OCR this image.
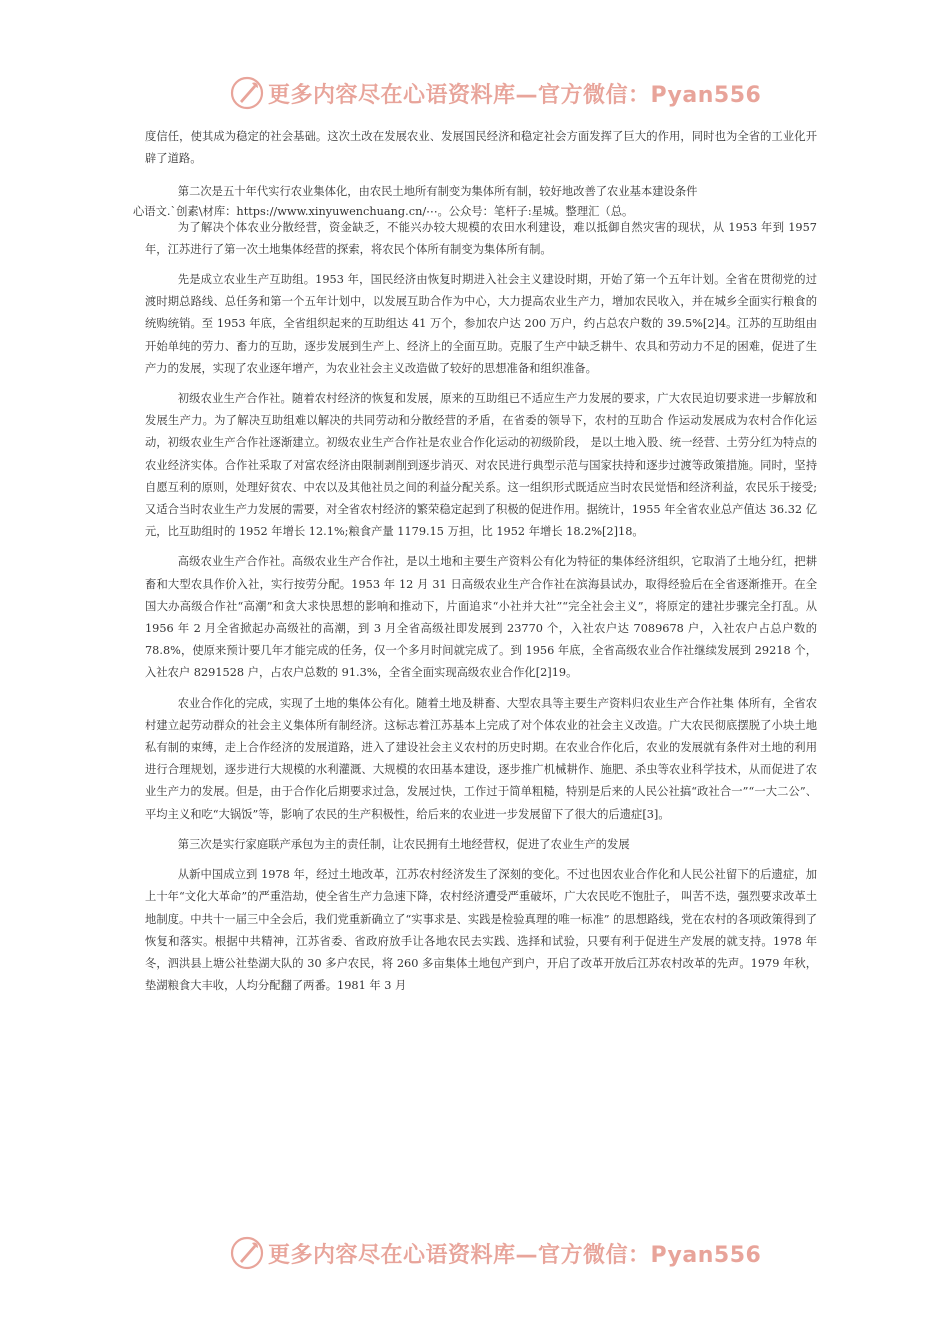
更多内容尽在心语资料库—官方微信：Pyan556

度信任，使其成为稳定的社会基础。这次土改在发展农业、发展国民经济和稳定社会方面发挥了巨大的作用，同时也为全省的工业化开辟了道路。

第二次是五十年代实行农业集体化，由农民土地所有制变为集体所有制，较好地改善了农业基本建设条件

心语文.`创素\材库：https://www.xinyuwenchuang.cn/⋯。公众号：笔杆子:星城。整理汇（总。

为了解决个体农业分散经营，资金缺乏，不能兴办较大规模的农田水利建设，难以抵御自然灾害的现状，从 1953 年到 1957 年，江苏进行了第一次土地集体经营的探索，将农民个体所有制变为集体所有制。

先是成立农业生产互助组。1953 年，国民经济由恢复时期进入社会主义建设时期，开始了第一个五年计划。全省在贯彻党的过渡时期总路线、总任务和第一个五年计划中，以发展互助合作为中心，大力提高农业生产力，增加农民收入，并在城乡全面实行粮食的统购统销。至 1953 年底，全省组织起来的互助组达 41 万个，参加农户达 200 万户，约占总农户数的 39.5%[2]4。江苏的互助组由开始单纯的劳力、畜力的互助，逐步发展到生产上、经济上的全面互助。克服了生产中缺乏耕牛、农具和劳动力不足的困难，促进了生产力的发展，实现了农业逐年增产，为农业社会主义改造做了较好的思想准备和组织准备。

初级农业生产合作社。随着农村经济的恢复和发展，原来的互助组已不适应生产力发展的要求，广大农民迫切要求进一步解放和发展生产力。为了解决互助组难以解决的共同劳动和分散经营的矛盾，在省委的领导下，农村的互助合 作运动发展成为农村合作化运动，初级农业生产合作社逐渐建立。初级农业生产合作社是农业合作化运动的初级阶段， 是以土地入股、统一经营、土劳分红为特点的农业经济实体。合作社采取了对富农经济由限制剥削到逐步消灭、对农民进行典型示范与国家扶持和逐步过渡等政策措施。同时，坚持自愿互利的原则，处理好贫农、中农以及其他社员之间的利益分配关系。这一组织形式既适应当时农民觉悟和经济利益，农民乐于接受;又适合当时农业生产力发展的需要，对全省农村经济的繁荣稳定起到了积极的促进作用。据统计，1955 年全省农业总产值达 36.32 亿元，比互助组时的 1952 年增长 12.1%;粮食产量 1179.15 万担，比 1952 年增长 18.2%[2]18。

高级农业生产合作社。高级农业生产合作社，是以土地和主要生产资料公有化为特征的集体经济组织，它取消了土地分红，把耕畜和大型农具作价入社，实行按劳分配。1953 年 12 月 31 日高级农业生产合作社在滨海县试办，取得经验后在全省逐渐推开。在全国大办高级合作社“高潮”和贪大求快思想的影响和推动下，片面追求“小社并大社”“完全社会主义”，将原定的建社步骤完全打乱。从 1956 年 2 月全省掀起办高级社的高潮，到 3 月全省高级社即发展到 23770 个，入社农户达 7089678 户，入社农户占总户数的 78.8%，使原来预计要几年才能完成的任务，仅一个多月时间就完成了。到 1956 年底，全省高级农业合作社继续发展到 29218 个，入社农户 8291528 户，占农户总数的 91.3%，全省全面实现高级农业合作化[2]19。

农业合作化的完成，实现了土地的集体公有化。随着土地及耕畜、大型农具等主要生产资料归农业生产合作社集 体所有，全省农村建立起劳动群众的社会主义集体所有制经济。这标志着江苏基本上完成了对个体农业的社会主义改造。广大农民彻底摆脱了小块土地私有制的束缚，走上合作经济的发展道路，进入了建设社会主义农村的历史时期。在农业合作化后，农业的发展就有条件对土地的利用进行合理规划，逐步进行大规模的水利灌溉、大规模的农田基本建设，逐步推广机械耕作、施肥、杀虫等农业科学技术，从而促进了农业生产力的发展。但是，由于合作化后期要求过急，发展过快，工作过于简单粗糙，特别是后来的人民公社搞“政社合一”“一大二公”、平均主义和吃“大锅饭”等，影响了农民的生产积极性，给后来的农业进一步发展留下了很大的后遗症[3]。

第三次是实行家庭联产承包为主的责任制，让农民拥有土地经营权，促进了农业生产的发展

从新中国成立到 1978 年，经过土地改革，江苏农村经济发生了深刻的变化。不过也因农业合作化和人民公社留下的后遗症，加上十年“文化大革命”的严重浩劫，使全省生产力急速下降，农村经济遭受严重破坏，广大农民吃不饱肚子， 叫苦不迭，强烈要求改革土地制度。中共十一届三中全会后，我们党重新确立了“实事求是、实践是检验真理的唯一标准” 的思想路线，党在农村的各项政策得到了恢复和落实。根据中共精神，江苏省委、省政府放手让各地农民去实践、选择和试验，只要有利于促进生产发展的就支持。1978 年冬，泗洪县上塘公社垫湖大队的 30 多户农民，将 260 多亩集体土地包产到户，开启了改革开放后江苏农村改革的先声。1979 年秋，垫湖粮食大丰收，人均分配翻了两番。1981 年 3 月

更多内容尽在心语资料库—官方微信：Pyan556
